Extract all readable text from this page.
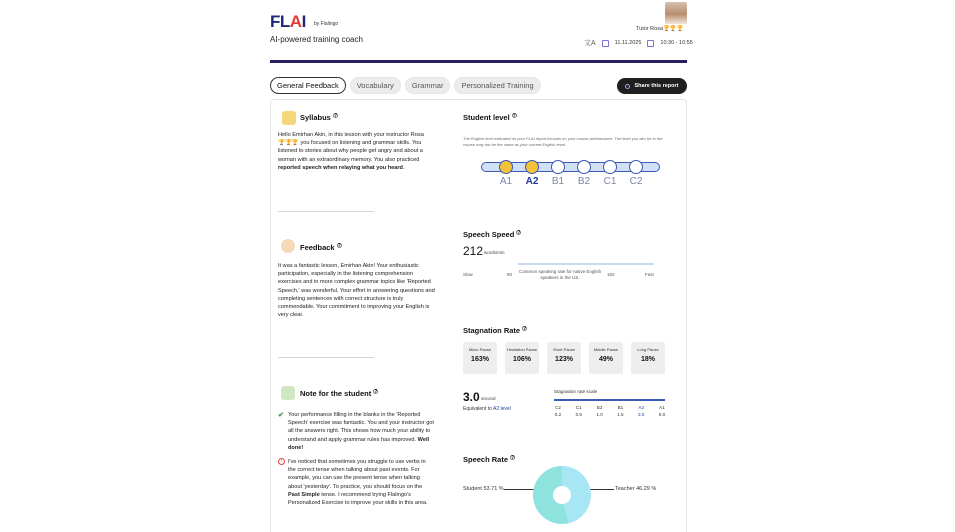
FLAI by Flalingo
AI-powered training coach
Tutor Rosa🏆🏆🏆
文A	11.11.2025	10:30 - 10:55
General Feedback	Vocabulary	Grammar	Personalized Training	Share this report
Syllabus ?
Hello Emirhan Akin, in this lesson with your instructor Rosa 🏆🏆🏆 you focused on listening and grammar skills. You listened to stories about why people get angry and about a woman with an extraordinary memory. You also practiced reported speech when relaying what you heard.
Feedback ?
It was a fantastic lesson, Emirhan Akin! Your enthusiastic participation, especially in the listening comprehension exercises and in more complex grammar topics like 'Reported Speech,' was wonderful. Your effort in answering questions and completing sentences with correct structure is truly commendable. Your commitment to improving your English is very clear.
Note for the student ?
✔ Your performance filling in the blanks in the 'Reported Speech' exercise was fantastic. You and your instructor got all the answers right. This shows how much your ability to understand and apply grammar rules has improved. Well done!
!	I've noticed that sometimes you struggle to use verbs in the correct tense when talking about past events. For example, you can use the present tense when talking about 'yesterday'. To practice, you should focus on the Past Simple tense. I recommend trying Flalingo's Personalized Exercise to improve your skills in this area.
Student level ?
The English level indicated on your FLAI report focuses on your course performance. The level you aim for in the course may not be the same as your current English level.
A1	A2	B1	B2	C1	C2
Speech Speed ?
212 words/min
Slow	90
Common speaking rate for native English speakers in the US.
150	Fast
Stagnation Rate ?
Micro Pause
163%
Hesitation Pause
106%
Short Pause
123%
Middle Pause
49%
Long Pause
18%
3.0 second
Equivalent to A2 level
Stagnation rate scale
C2
0.2
C1
0.5
B2
1.0
B1
1.5
A2
3.0
A1
5.0
Speech Rate ?
Student 53.71 %	Teacher 46.29 %
